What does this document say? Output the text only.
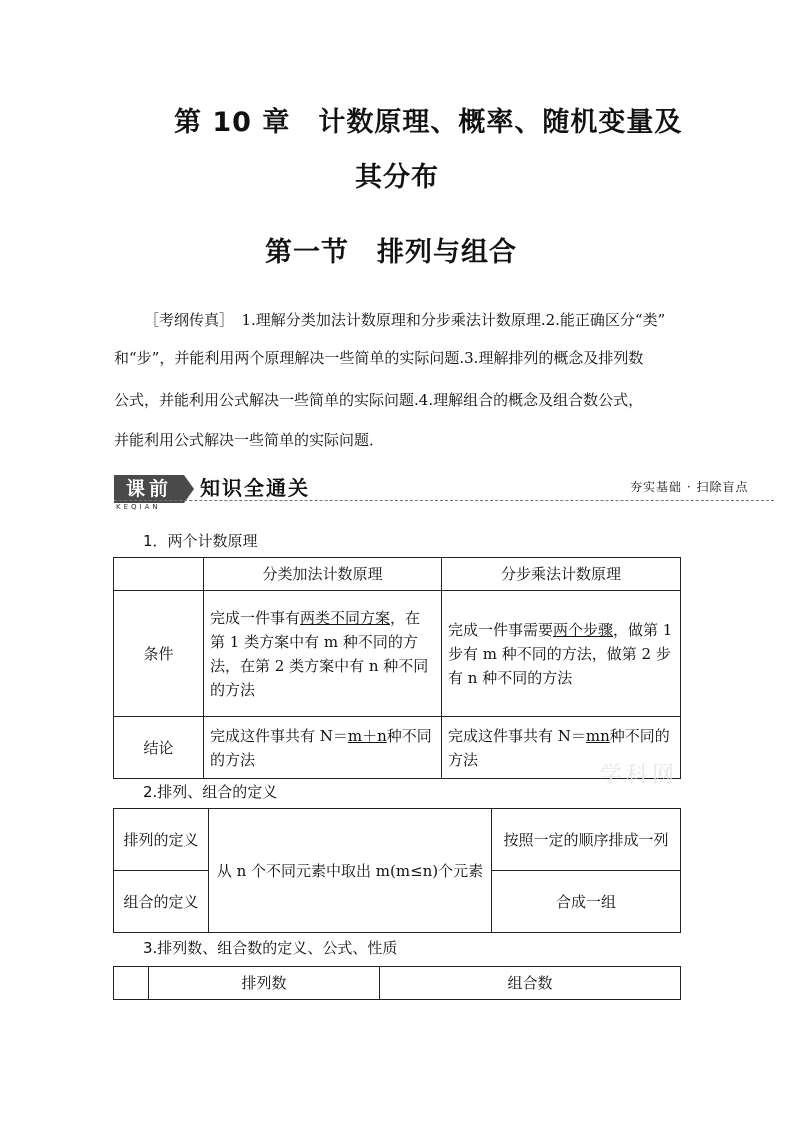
第 10 章　计数原理、概率、随机变量及
其分布
第一节　排列与组合
［考纲传真］　1.理解分类加法计数原理和分步乘法计数原理.2.能正确区分“类”
和“步”，并能利用两个原理解决一些简单的实际问题.3.理解排列的概念及排列数
公式，并能利用公式解决一些简单的实际问题.4.理解组合的概念及组合数公式，
并能利用公式解决一些简单的实际问题．
课前
KEQIAN
知识全通关	夯实基础 · 扫除盲点
1．两个计数原理
	分类加法计数原理	分步乘法计数原理
条件	完成一件事有两类不同方案，在第 1 类方案中有 m 种不同的方法，在第 2 类方案中有 n 种不同的方法	完成一件事需要两个步骤，做第 1 步有 m 种不同的方法，做第 2 步有 n 种不同的方法
结论	完成这件事共有 N＝m＋n种不同的方法	完成这件事共有 N＝mn种不同的方法
学科网
2.排列、组合的定义
排列的定义	从 n 个不同元素中取出 m(m≤n)个元素	按照一定的顺序排成一列
组合的定义		合成一组
3.排列数、组合数的定义、公式、性质
	排列数	组合数
